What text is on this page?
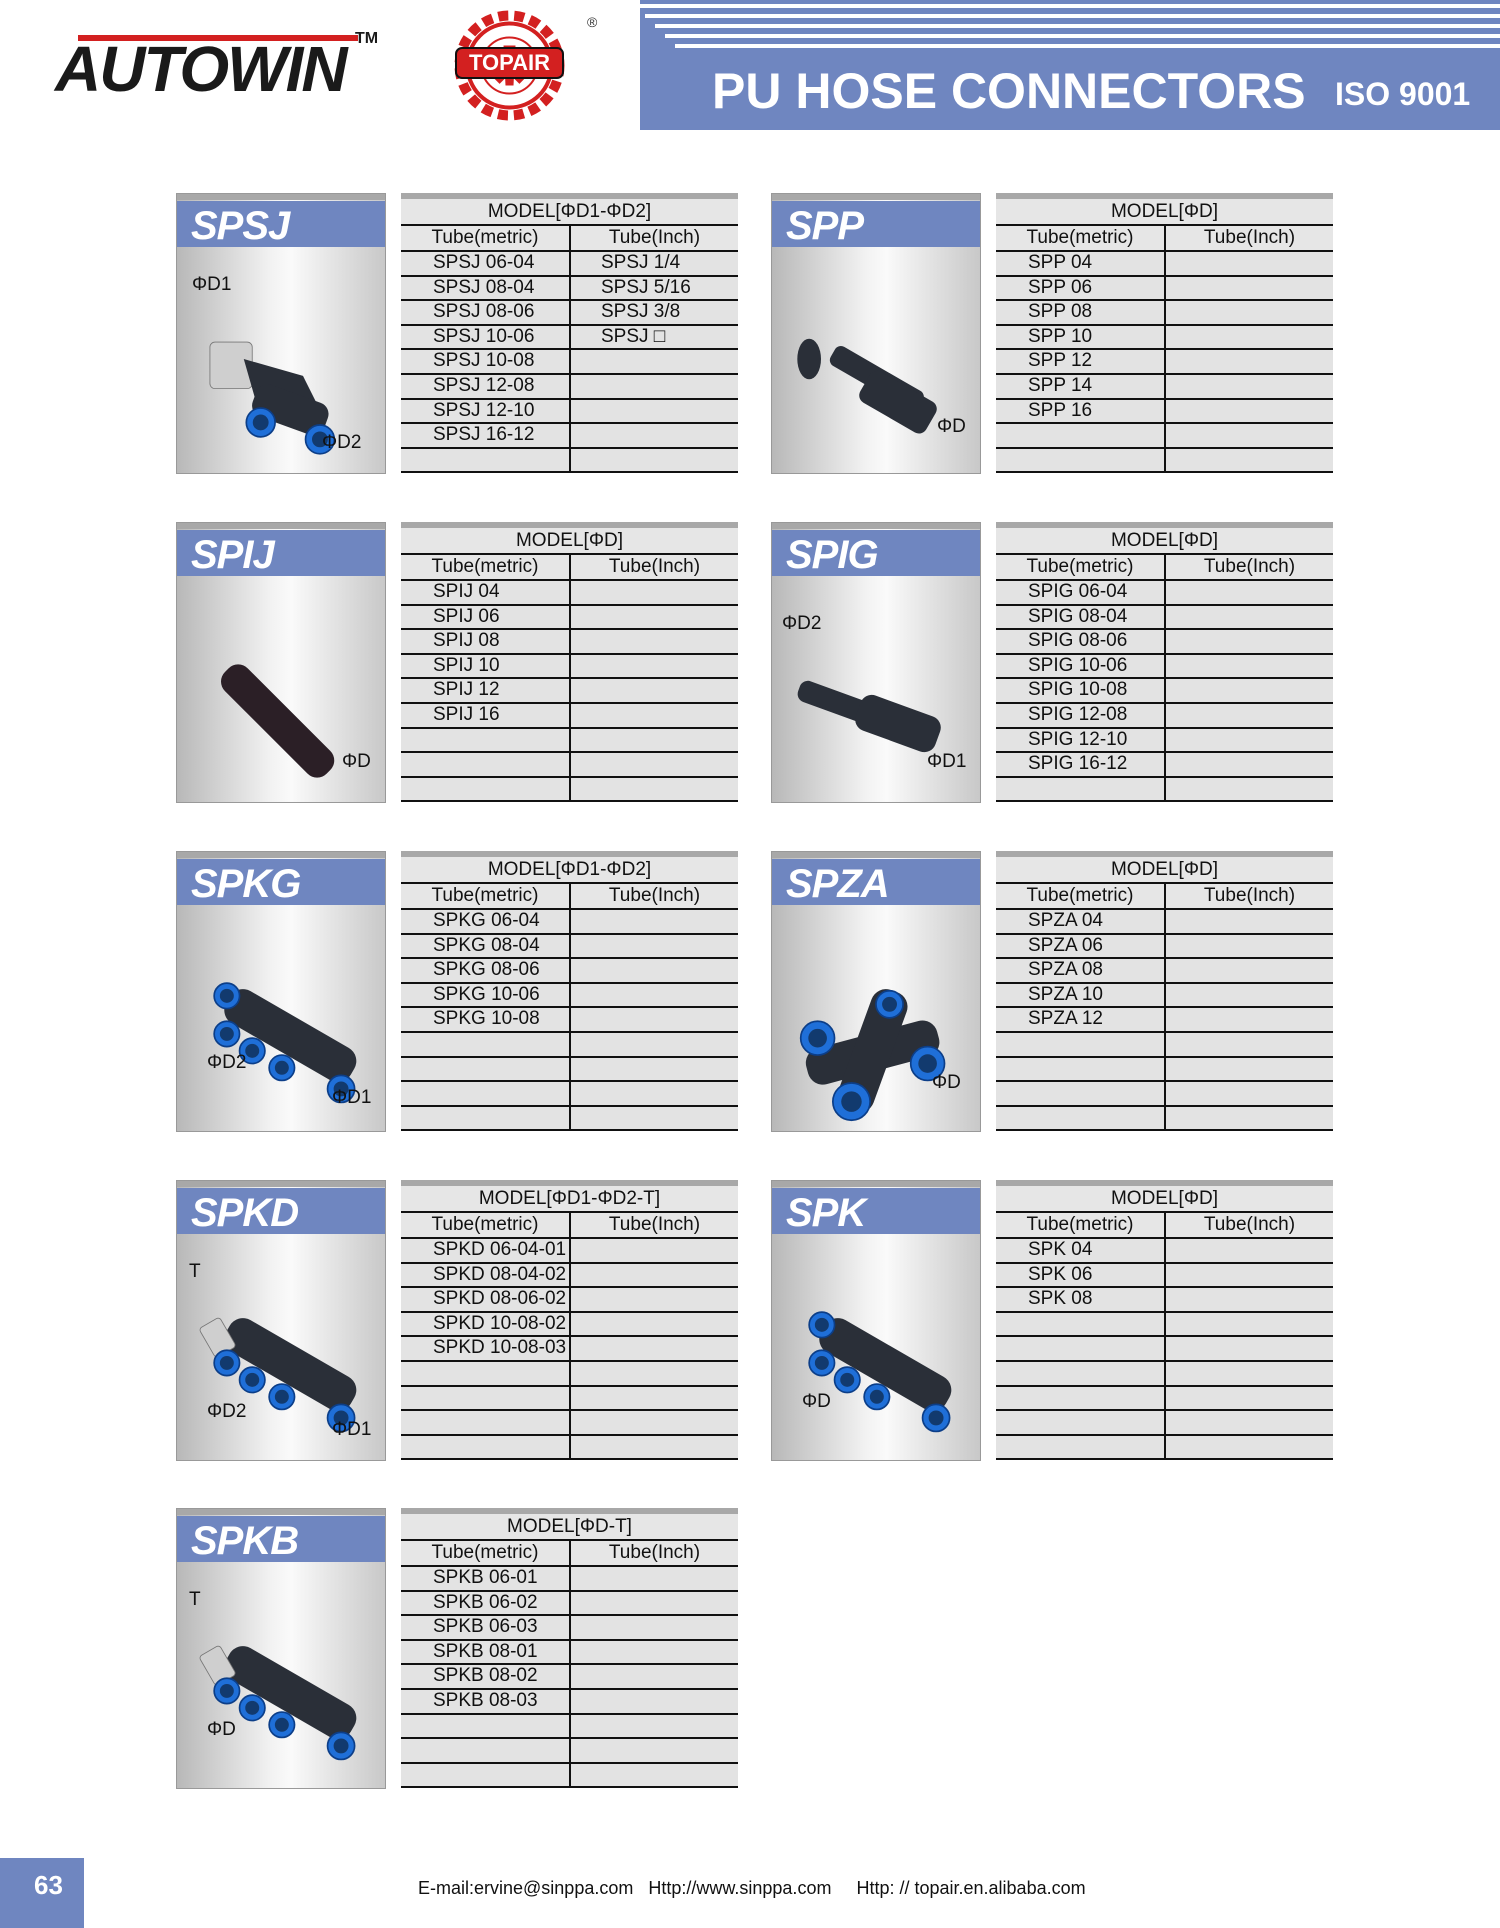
AUTOWIN TM
TOPAIR
®
PU HOSE CONNECTORS ISO 9001
SPSJ
ΦD1
ΦD2
MODEL[ΦD1-ΦD2]
Tube(metric)	Tube(Inch)
SPSJ 06-04	SPSJ 1/4
SPSJ 08-04	SPSJ 5/16
SPSJ 08-06	SPSJ 3/8
SPSJ 10-06	SPSJ □
SPSJ 10-08
SPSJ 12-08
SPSJ 12-10
SPSJ 16-12
SPP
ΦD
MODEL[ΦD]
Tube(metric)	Tube(Inch)
SPP 04
SPP 06
SPP 08
SPP 10
SPP 12
SPP 14
SPP 16
SPIJ
ΦD
MODEL[ΦD]
Tube(metric)	Tube(Inch)
SPIJ 04
SPIJ 06
SPIJ 08
SPIJ 10
SPIJ 12
SPIJ 16
SPIG
ΦD2
ΦD1
MODEL[ΦD]
Tube(metric)	Tube(Inch)
SPIG 06-04
SPIG 08-04
SPIG 08-06
SPIG 10-06
SPIG 10-08
SPIG 12-08
SPIG 12-10
SPIG 16-12
SPKG
ΦD2
ΦD1
MODEL[ΦD1-ΦD2]
Tube(metric)	Tube(Inch)
SPKG 06-04
SPKG 08-04
SPKG 08-06
SPKG 10-06
SPKG 10-08
SPZA
ΦD
MODEL[ΦD]
Tube(metric)	Tube(Inch)
SPZA 04
SPZA 06
SPZA 08
SPZA 10
SPZA 12
SPKD
T
ΦD2
ΦD1
MODEL[ΦD1-ΦD2-T]
Tube(metric)	Tube(Inch)
SPKD 06-04-01
SPKD 08-04-02
SPKD 08-06-02
SPKD 10-08-02
SPKD 10-08-03
SPK
ΦD
MODEL[ΦD]
Tube(metric)	Tube(Inch)
SPK 04
SPK 06
SPK 08
SPKB
T
ΦD
MODEL[ΦD-T]
Tube(metric)	Tube(Inch)
SPKB 06-01
SPKB 06-02
SPKB 06-03
SPKB 08-01
SPKB 08-02
SPKB 08-03
63	E-mail:ervine@sinppa.com Http://www.sinppa.com Http: // topair.en.alibaba.com
